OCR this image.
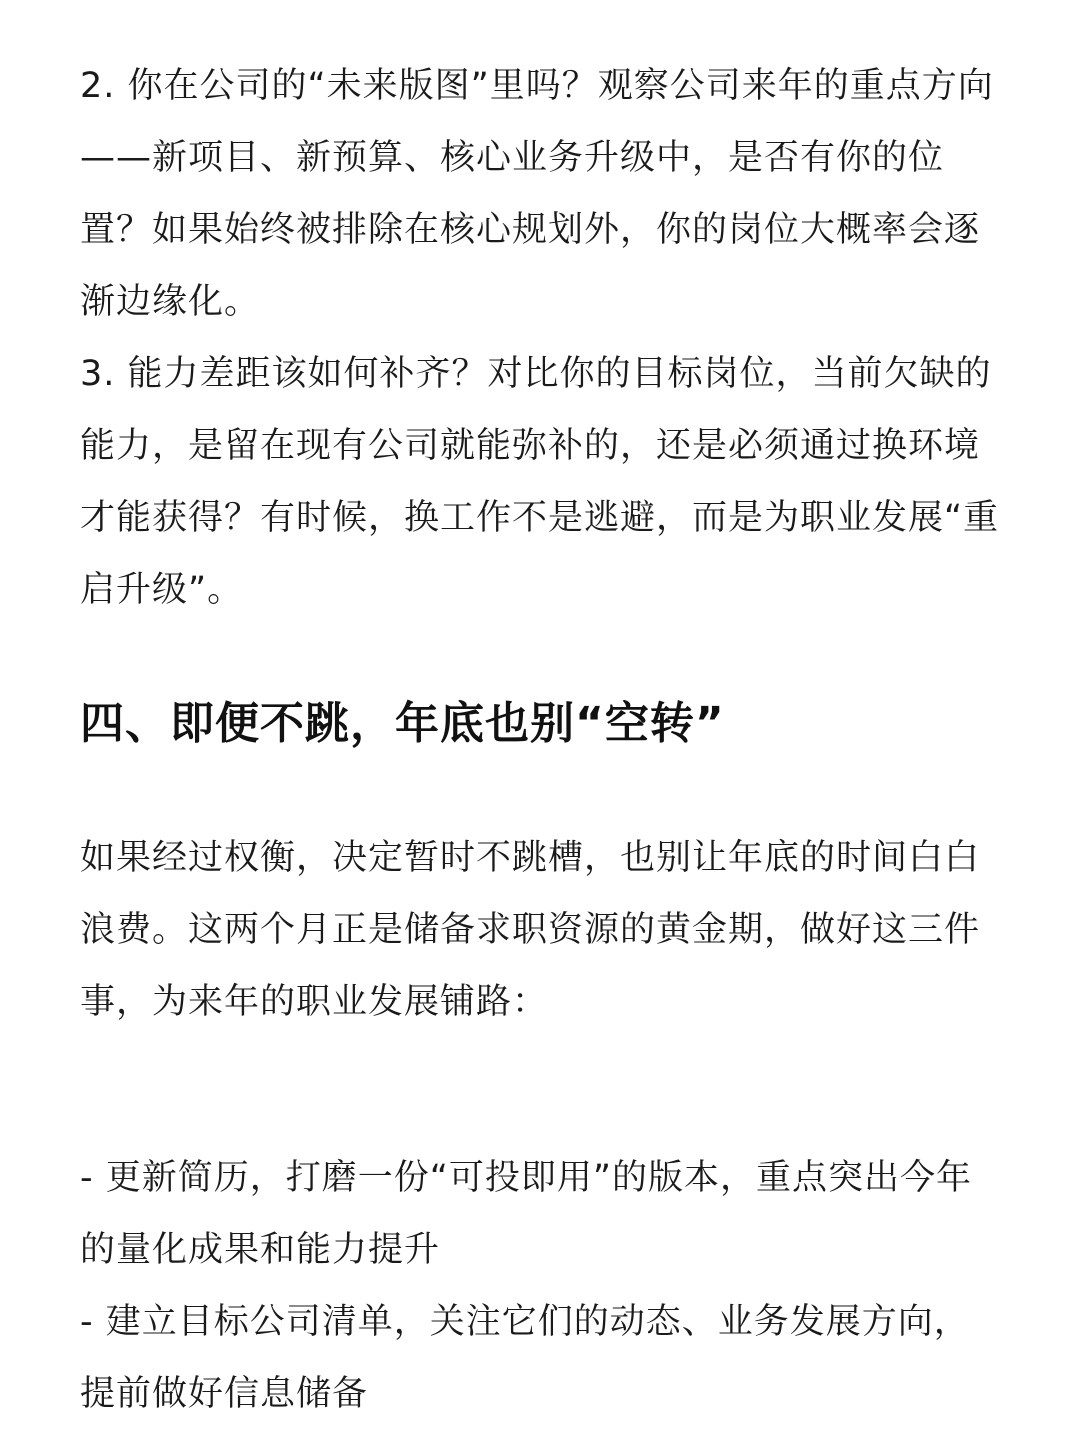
2. 你在公司的“未来版图”里吗？观察公司来年的重点方向——新项目、新预算、核心业务升级中，是否有你的位置？如果始终被排除在核心规划外，你的岗位大概率会逐渐边缘化。

3. 能力差距该如何补齐？对比你的目标岗位，当前欠缺的能力，是留在现有公司就能弥补的，还是必须通过换环境才能获得？有时候，换工作不是逃避，而是为职业发展“重启升级”。

四、即便不跳，年底也别“空转”

如果经过权衡，决定暂时不跳槽，也别让年底的时间白白浪费。这两个月正是储备求职资源的黄金期，做好这三件事，为来年的职业发展铺路：

- 更新简历，打磨一份“可投即用”的版本，重点突出今年的量化成果和能力提升

- 建立目标公司清单，关注它们的动态、业务发展方向，提前做好信息储备
